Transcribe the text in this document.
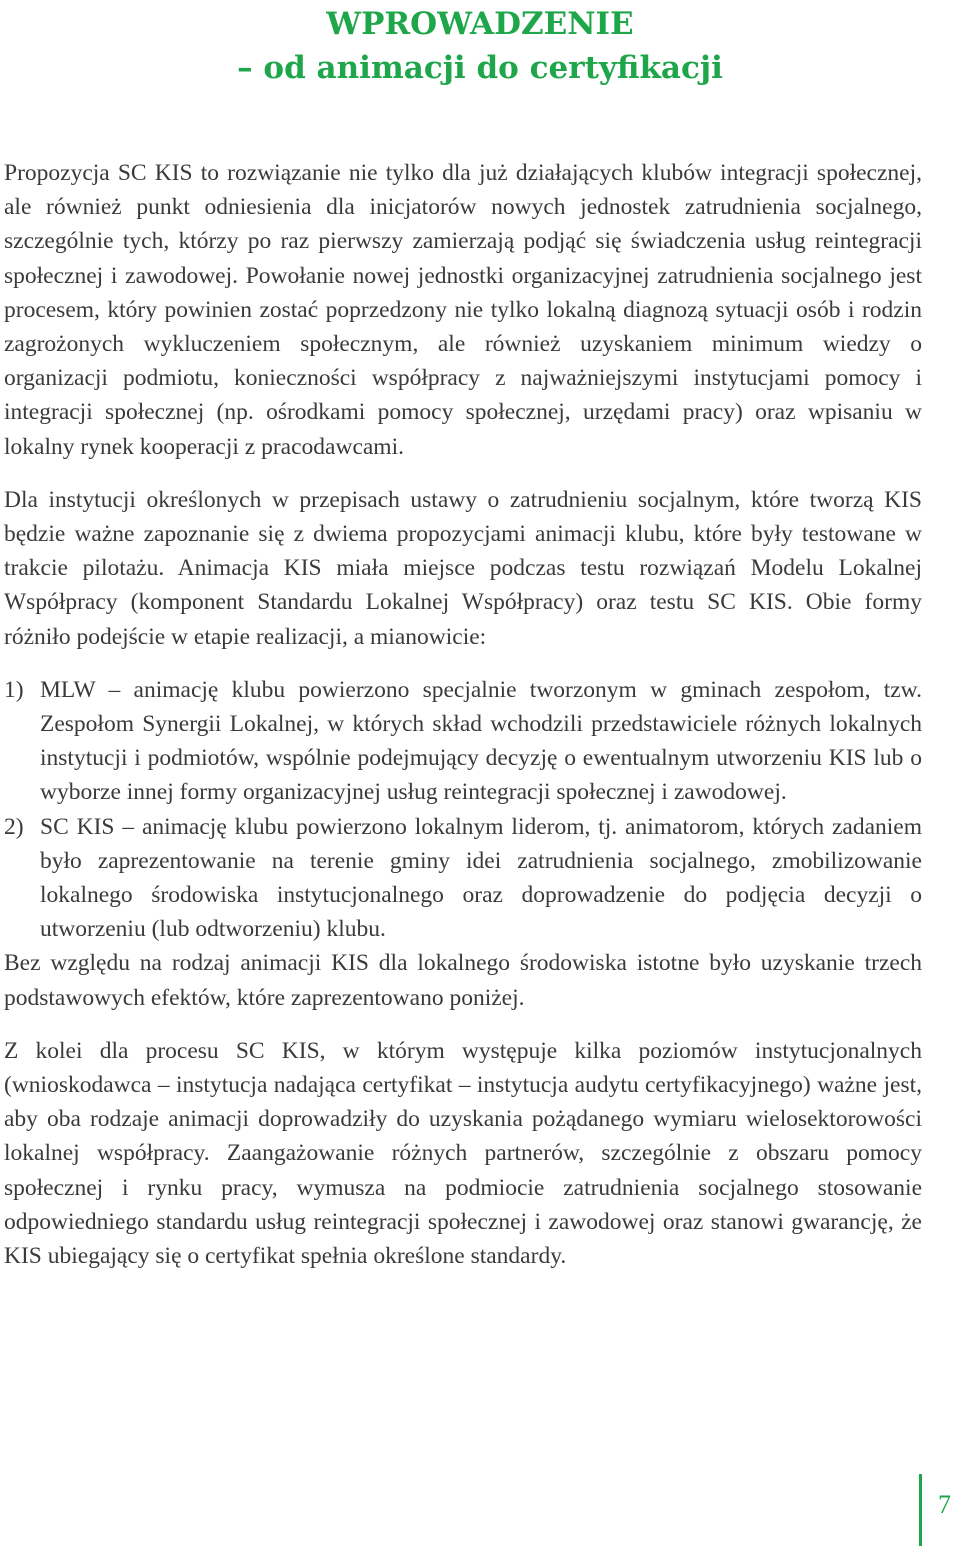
WPROWADZENIE
– od animacji do certyfikacji

Propozycja SC KIS to rozwiązanie nie tylko dla już działających klubów integracji społecznej, ale również punkt odniesienia dla inicjatorów nowych jednostek zatrudnienia socjalnego, szczególnie tych, którzy po raz pierwszy zamierzają podjąć się świadczenia usług reintegracji społecznej i zawodowej. Powołanie nowej jednostki organizacyjnej zatrudnienia socjalnego jest procesem, który powinien zostać poprzedzony nie tylko lokalną diagnozą sytuacji osób i rodzin zagrożonych wykluczeniem społecznym, ale również uzyskaniem minimum wiedzy o organizacji podmiotu, konieczności współpracy z najważniejszymi instytucjami pomocy i integracji społecznej (np. ośrodkami pomocy społecznej, urzędami pracy) oraz wpisaniu w lokalny rynek kooperacji z pracodawcami.

Dla instytucji określonych w przepisach ustawy o zatrudnieniu socjalnym, które tworzą KIS będzie ważne zapoznanie się z dwiema propozycjami animacji klubu, które były testowane w trakcie pilotażu. Animacja KIS miała miejsce podczas testu rozwiązań Modelu Lokalnej Współpracy (komponent Standardu Lokalnej Współpracy) oraz testu SC KIS. Obie formy różniło podejście w etapie realizacji, a mianowicie:

1) MLW – animację klubu powierzono specjalnie tworzonym w gminach zespołom, tzw. Zespołom Synergii Lokalnej, w których skład wchodzili przedstawiciele różnych lokalnych instytucji i podmiotów, wspólnie podejmujący decyzję o ewentualnym utworzeniu KIS lub o wyborze innej formy organizacyjnej usług reintegracji społecznej i zawodowej.
2) SC KIS – animację klubu powierzono lokalnym liderom, tj. animatorom, których zadaniem było zaprezentowanie na terenie gminy idei zatrudnienia socjalnego, zmobilizowanie lokalnego środowiska instytucjonalnego oraz doprowadzenie do podjęcia decyzji o utworzeniu (lub odtworzeniu) klubu.

Bez względu na rodzaj animacji KIS dla lokalnego środowiska istotne było uzyskanie trzech podstawowych efektów, które zaprezentowano poniżej.

Z kolei dla procesu SC KIS, w którym występuje kilka poziomów instytucjonalnych (wnioskodawca – instytucja nadająca certyfikat – instytucja audytu certyfikacyjnego) ważne jest, aby oba rodzaje animacji doprowadziły do uzyskania pożądanego wymiaru wielosektorowości lokalnej współpracy. Zaangażowanie różnych partnerów, szczególnie z obszaru pomocy społecznej i rynku pracy, wymusza na podmiocie zatrudnienia socjalnego stosowanie odpowiedniego standardu usług reintegracji społecznej i zawodowej oraz stanowi gwarancję, że KIS ubiegający się o certyfikat spełnia określone standardy.

7
